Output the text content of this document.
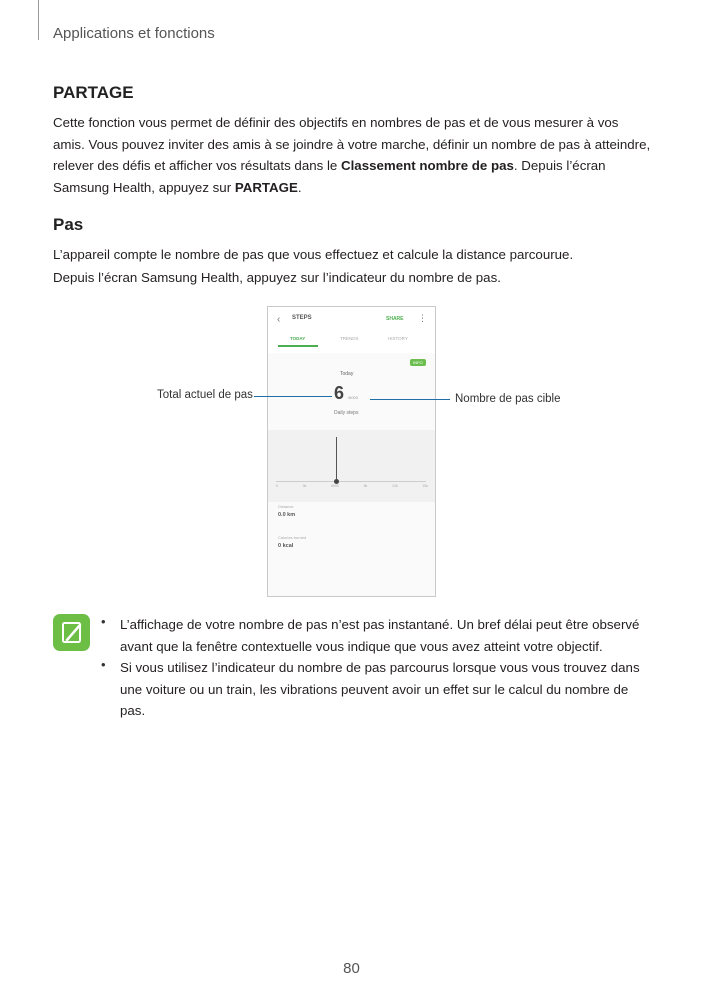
Applications et fonctions
PARTAGE
Cette fonction vous permet de définir des objectifs en nombres de pas et de vous mesurer à vos amis. Vous pouvez inviter des amis à se joindre à votre marche, définir un nombre de pas à atteindre, relever des défis et afficher vos résultats dans le Classement nombre de pas. Depuis l’écran Samsung Health, appuyez sur PARTAGE.
Pas
L’appareil compte le nombre de pas que vous effectuez et calcule la distance parcourue.
Depuis l’écran Samsung Health, appuyez sur l’indicateur du nombre de pas.
‹ STEPS	SHARE ⋮
TODAY	TRENDS	HISTORY
INFO
Today
6 /6000
Daily steps
0	3k	6000	9k	12k	15k
Distance
0.0 km
Calories burned
0 kcal
Total actuel de pas	Nombre de pas cible
• L’affichage de votre nombre de pas n’est pas instantané. Un bref délai peut être observé avant que la fenêtre contextuelle vous indique que vous avez atteint votre objectif.
• Si vous utilisez l’indicateur du nombre de pas parcourus lorsque vous vous trouvez dans une voiture ou un train, les vibrations peuvent avoir un effet sur le calcul du nombre de pas.
80
